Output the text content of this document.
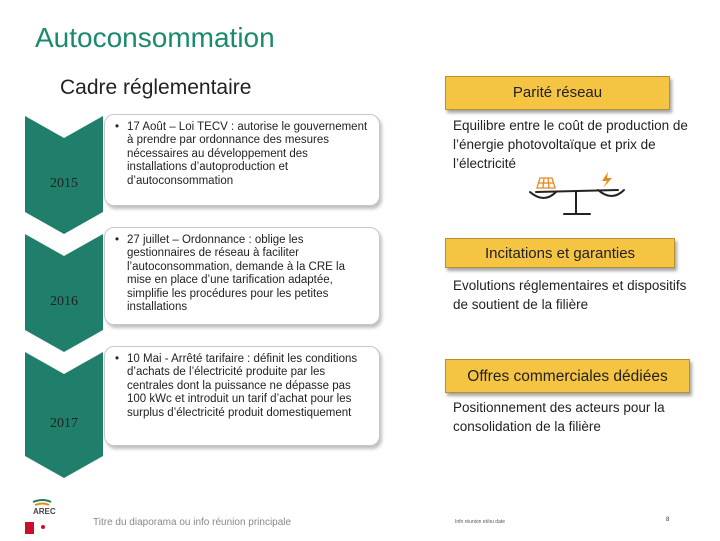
Autoconsommation
Cadre réglementaire
2015
2016
2017
• 17 Août – Loi TECV : autorise le gouvernement à prendre par ordonnance des mesures nécessaires au développement des installations d’autoproduction et d’autoconsommation
• 27 juillet – Ordonnance : oblige les gestionnaires de réseau à faciliter l’autoconsommation, demande à la CRE la mise en place d’une tarification adaptée, simplifie les procédures pour les petites installations
• 10 Mai - Arrêté tarifaire : définit les conditions d’achats de l’électricité produite par les centrales dont la puissance ne dépasse pas 100 kWc et introduit un tarif d’achat pour les surplus d’électricité produit domestiquement
Parité réseau
Equilibre entre le coût de production de l’énergie photovoltaïque et prix de l’électricité
Incitations et garanties
Evolutions réglementaires et dispositifs de soutient de la filière
Offres commerciales dédiées
Positionnement des acteurs pour la consolidation de la filière
AREC
Titre du diaporama ou info réunion principale	Info réunion et/ou date	8
